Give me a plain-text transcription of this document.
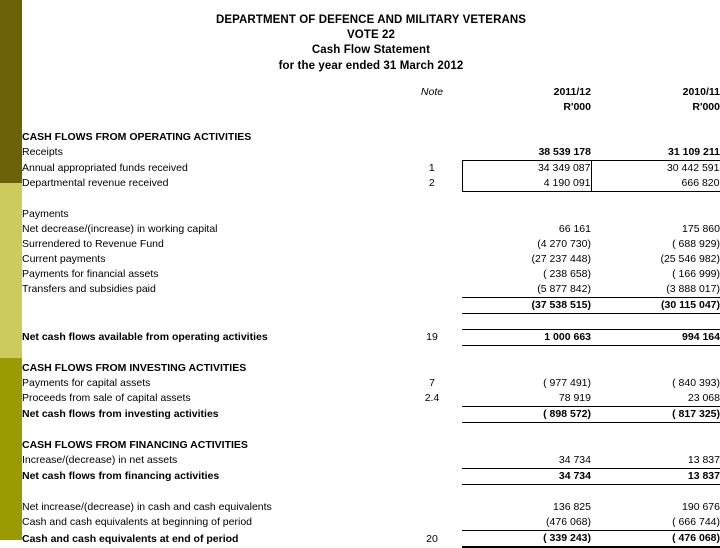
DEPARTMENT OF DEFENCE AND MILITARY VETERANS
VOTE 22
Cash Flow Statement
for the year ended 31 March 2012
	Note	2011/12	2010/11
		R'000	R'000

CASH FLOWS FROM OPERATING ACTIVITIES			
Receipts		38 539 178	31 109 211
Annual appropriated funds received	1	34 349 087	30 442 591
Departmental revenue received	2	4 190 091	666 820

Payments			
Net decrease/(increase) in working capital		66 161	175 860
Surrendered to Revenue Fund		(4 270 730)	( 688 929)
Current payments		(27 237 448)	(25 546 982)
Payments for financial assets		( 238 658)	( 166 999)
Transfers and subsidies paid		(5 877 842)	(3 888 017)
		(37 538 515)	(30 115 047)

Net cash flows available from operating activities	19	1 000 663	994 164

CASH FLOWS FROM INVESTING ACTIVITIES			
Payments for capital assets	7	( 977 491)	( 840 393)
Proceeds from sale of capital assets	2.4	78 919	23 068
Net cash flows from investing activities		( 898 572)	( 817 325)

CASH FLOWS FROM FINANCING ACTIVITIES			
Increase/(decrease) in net assets		34 734	13 837
Net cash flows from financing activities		34 734	13 837

Net increase/(decrease) in cash and cash equivalents		136 825	190 676
Cash and cash equivalents at beginning of period		(476 068)	( 666 744)
Cash and cash equivalents at end of period	20	( 339 243)	( 476 068)
